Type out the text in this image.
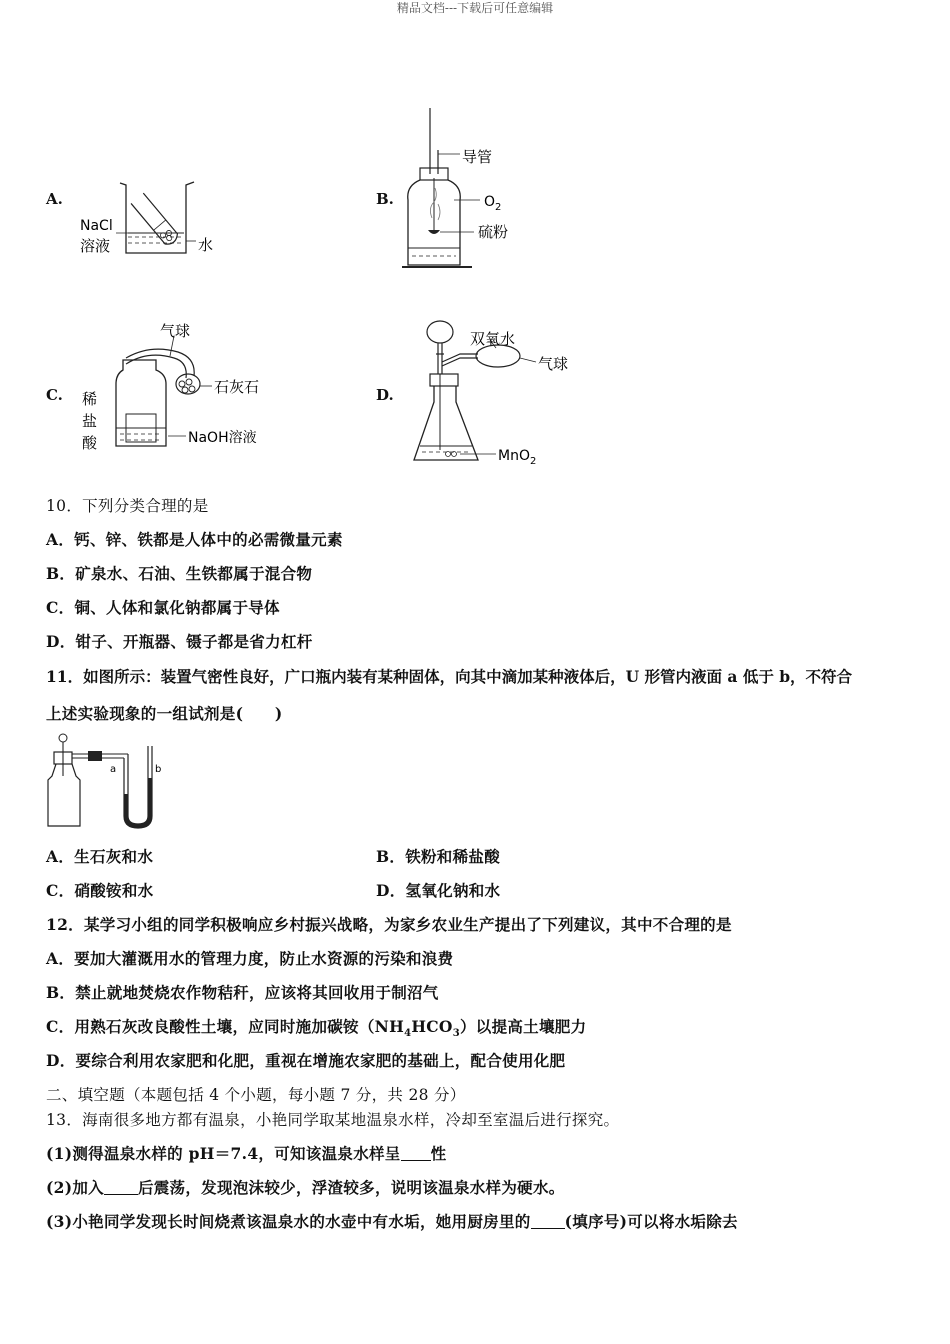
精品文档---下载后可任意编辑
A.
NaCl
溶液	水
B.
导管
$O_2$
硫粉
C.
气球
石灰石
稀
盐
酸	NaOH溶液
D.
双氧水
气球
MnO$_2$
10．下列分类合理的是
A．钙、锌、铁都是人体中的必需微量元素
B．矿泉水、石油、生铁都属于混合物
C．铜、人体和氯化钠都属于导体
D．钳子、开瓶器、镊子都是省力杠杆
11．如图所示：装置气密性良好，广口瓶内装有某种固体，向其中滴加某种液体后，U 形管内液面 a 低于 b，不符合
上述实验现象的一组试剂是(　　)
a	b
A．生石灰和水	B．铁粉和稀盐酸
C．硝酸铵和水	D．氢氧化钠和水
12．某学习小组的同学积极响应乡村振兴战略，为家乡农业生产提出了下列建议，其中不合理的是
A．要加大灌溉用水的管理力度，防止水资源的污染和浪费
B．禁止就地焚烧农作物秸秆，应该将其回收用于制沼气
C．用熟石灰改良酸性土壤，应同时施加碳铵$(NH_4HCO_3)$以提高土壤肥力
D．要综合利用农家肥和化肥，重视在增施农家肥的基础上，配合使用化肥
二、填空题（本题包括 4 个小题，每小题 7 分，共 28 分）
13．海南很多地方都有温泉，小艳同学取某地温泉水样，冷却至室温后进行探究。
(1)测得温泉水样的 pH＝7.4，可知该温泉水样呈 性
(2)加入 后震荡，发现泡沫较少，浮渣较多，说明该温泉水样为硬水。
(3)小艳同学发现长时间烧煮该温泉水的水壶中有水垢，她用厨房里的 (填序号)可以将水垢除去
